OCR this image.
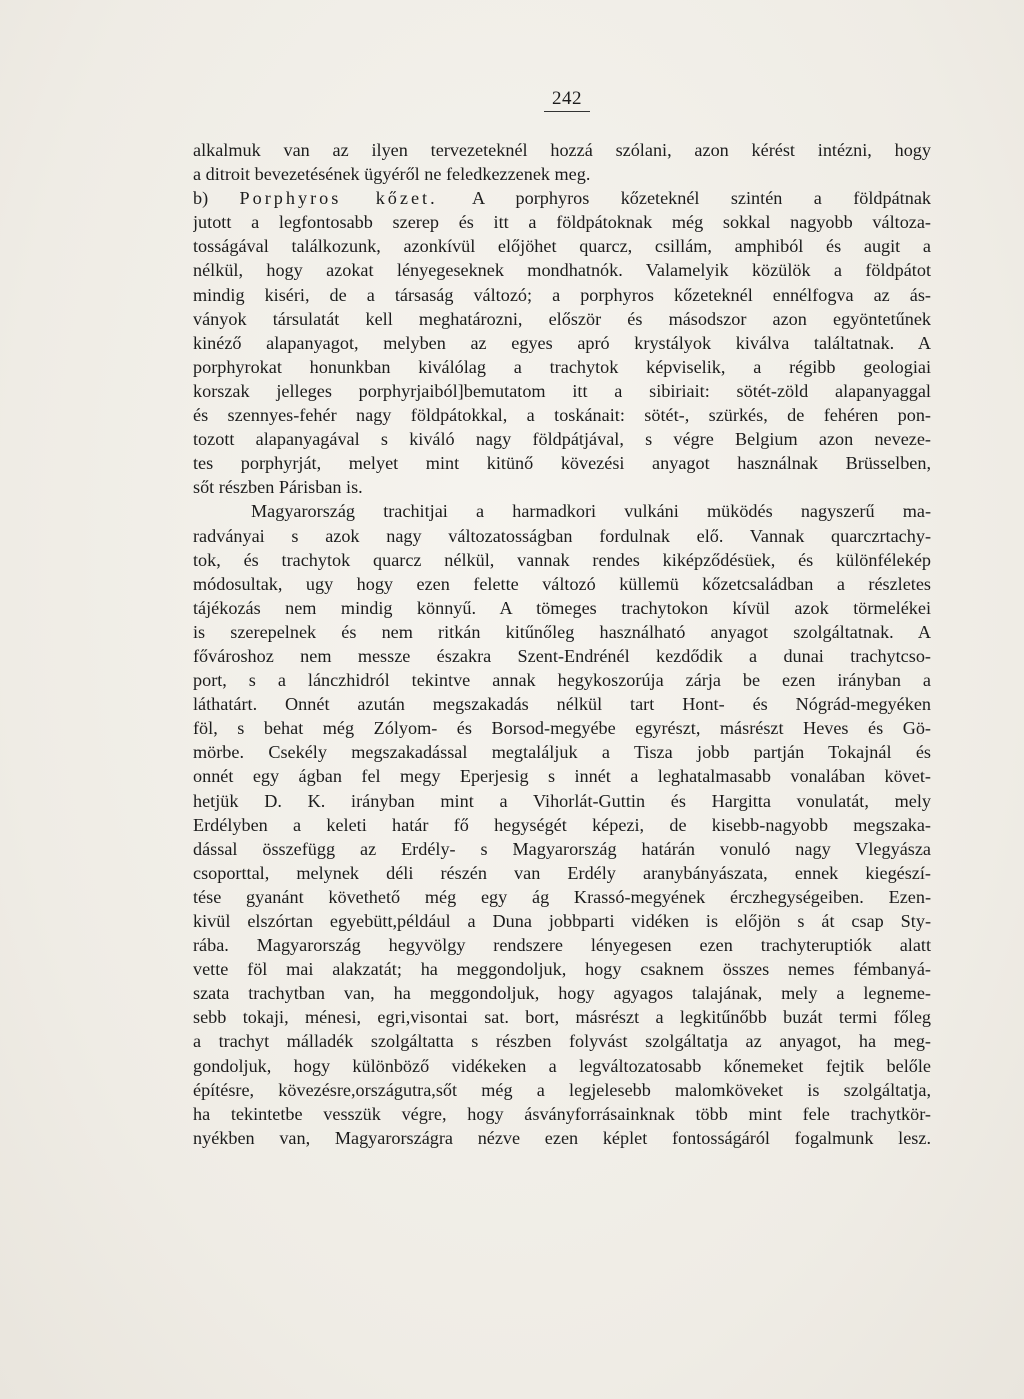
242
alkalmuk van az ilyen tervezeteknél hozzá szólani, azon kérést intézni, hogy
a ditroit bevezetésének ügyéről ne feledkezzenek meg.
b) Porphyros kőzet. A porphyros kőzeteknél szintén a földpátnak
jutott a legfontosabb szerep és itt a földpátoknak még sokkal nagyobb változa-
tosságával találkozunk, azonkívül előjöhet quarcz, csillám, amphiból és augit a
nélkül, hogy azokat lényegeseknek mondhatnók. Valamelyik közülök a földpátot
mindig kiséri, de a társaság változó; a porphyros kőzeteknél ennélfogva az ás-
ványok társulatát kell meghatározni, először és másodszor azon egyöntetűnek
kinéző alapanyagot, melyben az egyes apró krystályok kiválva találtatnak. A
porphyrokat honunkban kiválólag a trachytok képviselik, a régibb geologiai
korszak jelleges porphyrjaiból]bemutatom itt a sibiriait: sötét-zöld alapanyaggal
és szennyes-fehér nagy földpátokkal, a toskánait: sötét-, szürkés, de fehéren pon-
tozott alapanyagával s kiváló nagy földpátjával, s végre Belgium azon neveze-
tes porphyrját, melyet mint kitünő kövezési anyagot használnak Brüsselben,
sőt részben Párisban is.
Magyarország trachitjai a harmadkori vulkáni müködés nagyszerű ma-
radványai s azok nagy változatosságban fordulnak elő. Vannak quarczrtachy-
tok, és trachytok quarcz nélkül, vannak rendes kiképződésüek, és különfélekép
módosultak, ugy hogy ezen felette változó küllemü kőzetcsaládban a részletes
tájékozás nem mindig könnyű. A tömeges trachytokon kívül azok törmelékei
is szerepelnek és nem ritkán kitűnőleg használható anyagot szolgáltatnak. A
fővároshoz nem messze északra Szent-Endrénél kezdődik a dunai trachytcso-
port, s a lánczhidról tekintve annak hegykoszorúja zárja be ezen irányban a
láthatárt. Onnét azután megszakadás nélkül tart Hont- és Nógrád-megyéken
föl, s behat még Zólyom- és Borsod-megyébe egyrészt, másrészt Heves és Gö-
mörbe. Csekély megszakadással megtaláljuk a Tisza jobb partján Tokajnál és
onnét egy ágban fel megy Eperjesig s innét a leghatalmasabb vonalában követ-
hetjük D. K. irányban mint a Vihorlát-Guttin és Hargitta vonulatát, mely
Erdélyben a keleti határ fő hegységét képezi, de kisebb-nagyobb megszaka-
dással összefügg az Erdély- s Magyarország határán vonuló nagy Vlegyásza
csoporttal, melynek déli részén van Erdély aranybányászata, ennek kiegészí-
tése gyanánt követhető még egy ág Krassó-megyének érczhegységeiben. Ezen-
kivül elszórtan egyebütt,például a Duna jobbparti vidéken is előjön s át csap Sty-
rába. Magyarország hegyvölgy rendszere lényegesen ezen trachyteruptiók alatt
vette föl mai alakzatát; ha meggondoljuk, hogy csaknem összes nemes fémbanyá-
szata trachytban van, ha meggondoljuk, hogy agyagos talajának, mely a legneme-
sebb tokaji, ménesi, egri,visontai sat. bort, másrészt a legkitűnőbb buzát termi főleg
a trachyt málladék szolgáltatta s részben folyvást szolgáltatja az anyagot, ha meg-
gondoljuk, hogy különböző vidékeken a legváltozatosabb kőnemeket fejtik belőle
építésre, kövezésre,országutra,sőt még a legjelesebb malomköveket is szolgáltatja,
ha tekintetbe vesszük végre, hogy ásványforrásainknak több mint fele trachytkör-
nyékben van, Magyarországra nézve ezen képlet fontosságáról fogalmunk lesz.
